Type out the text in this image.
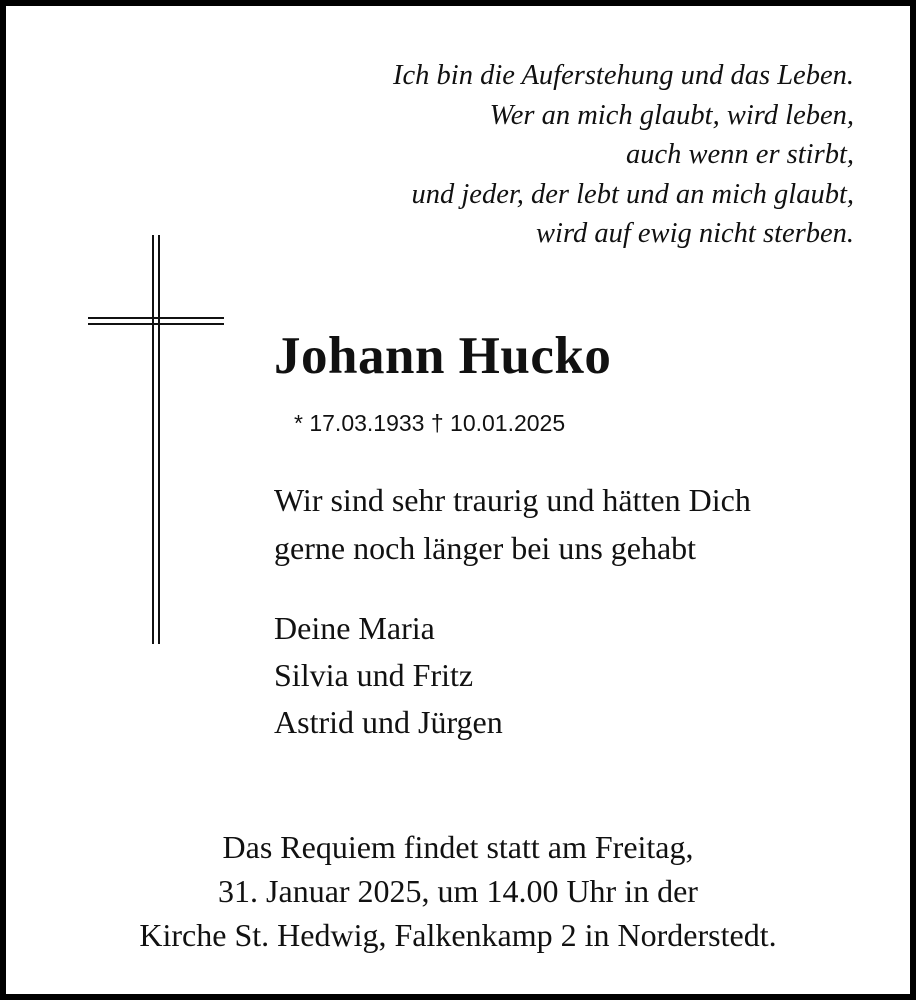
Ich bin die Auferstehung und das Leben.
Wer an mich glaubt, wird leben,
auch wenn er stirbt,
und jeder, der lebt und an mich glaubt,
wird auf ewig nicht sterben.
Johann Hucko
* 17.03.1933 † 10.01.2025
Wir sind sehr traurig und hätten Dich
gerne noch länger bei uns gehabt
Deine Maria
Silvia und Fritz
Astrid und Jürgen
Das Requiem findet statt am Freitag,
31. Januar 2025, um 14.00 Uhr in der
Kirche St. Hedwig, Falkenkamp 2 in Norderstedt.
